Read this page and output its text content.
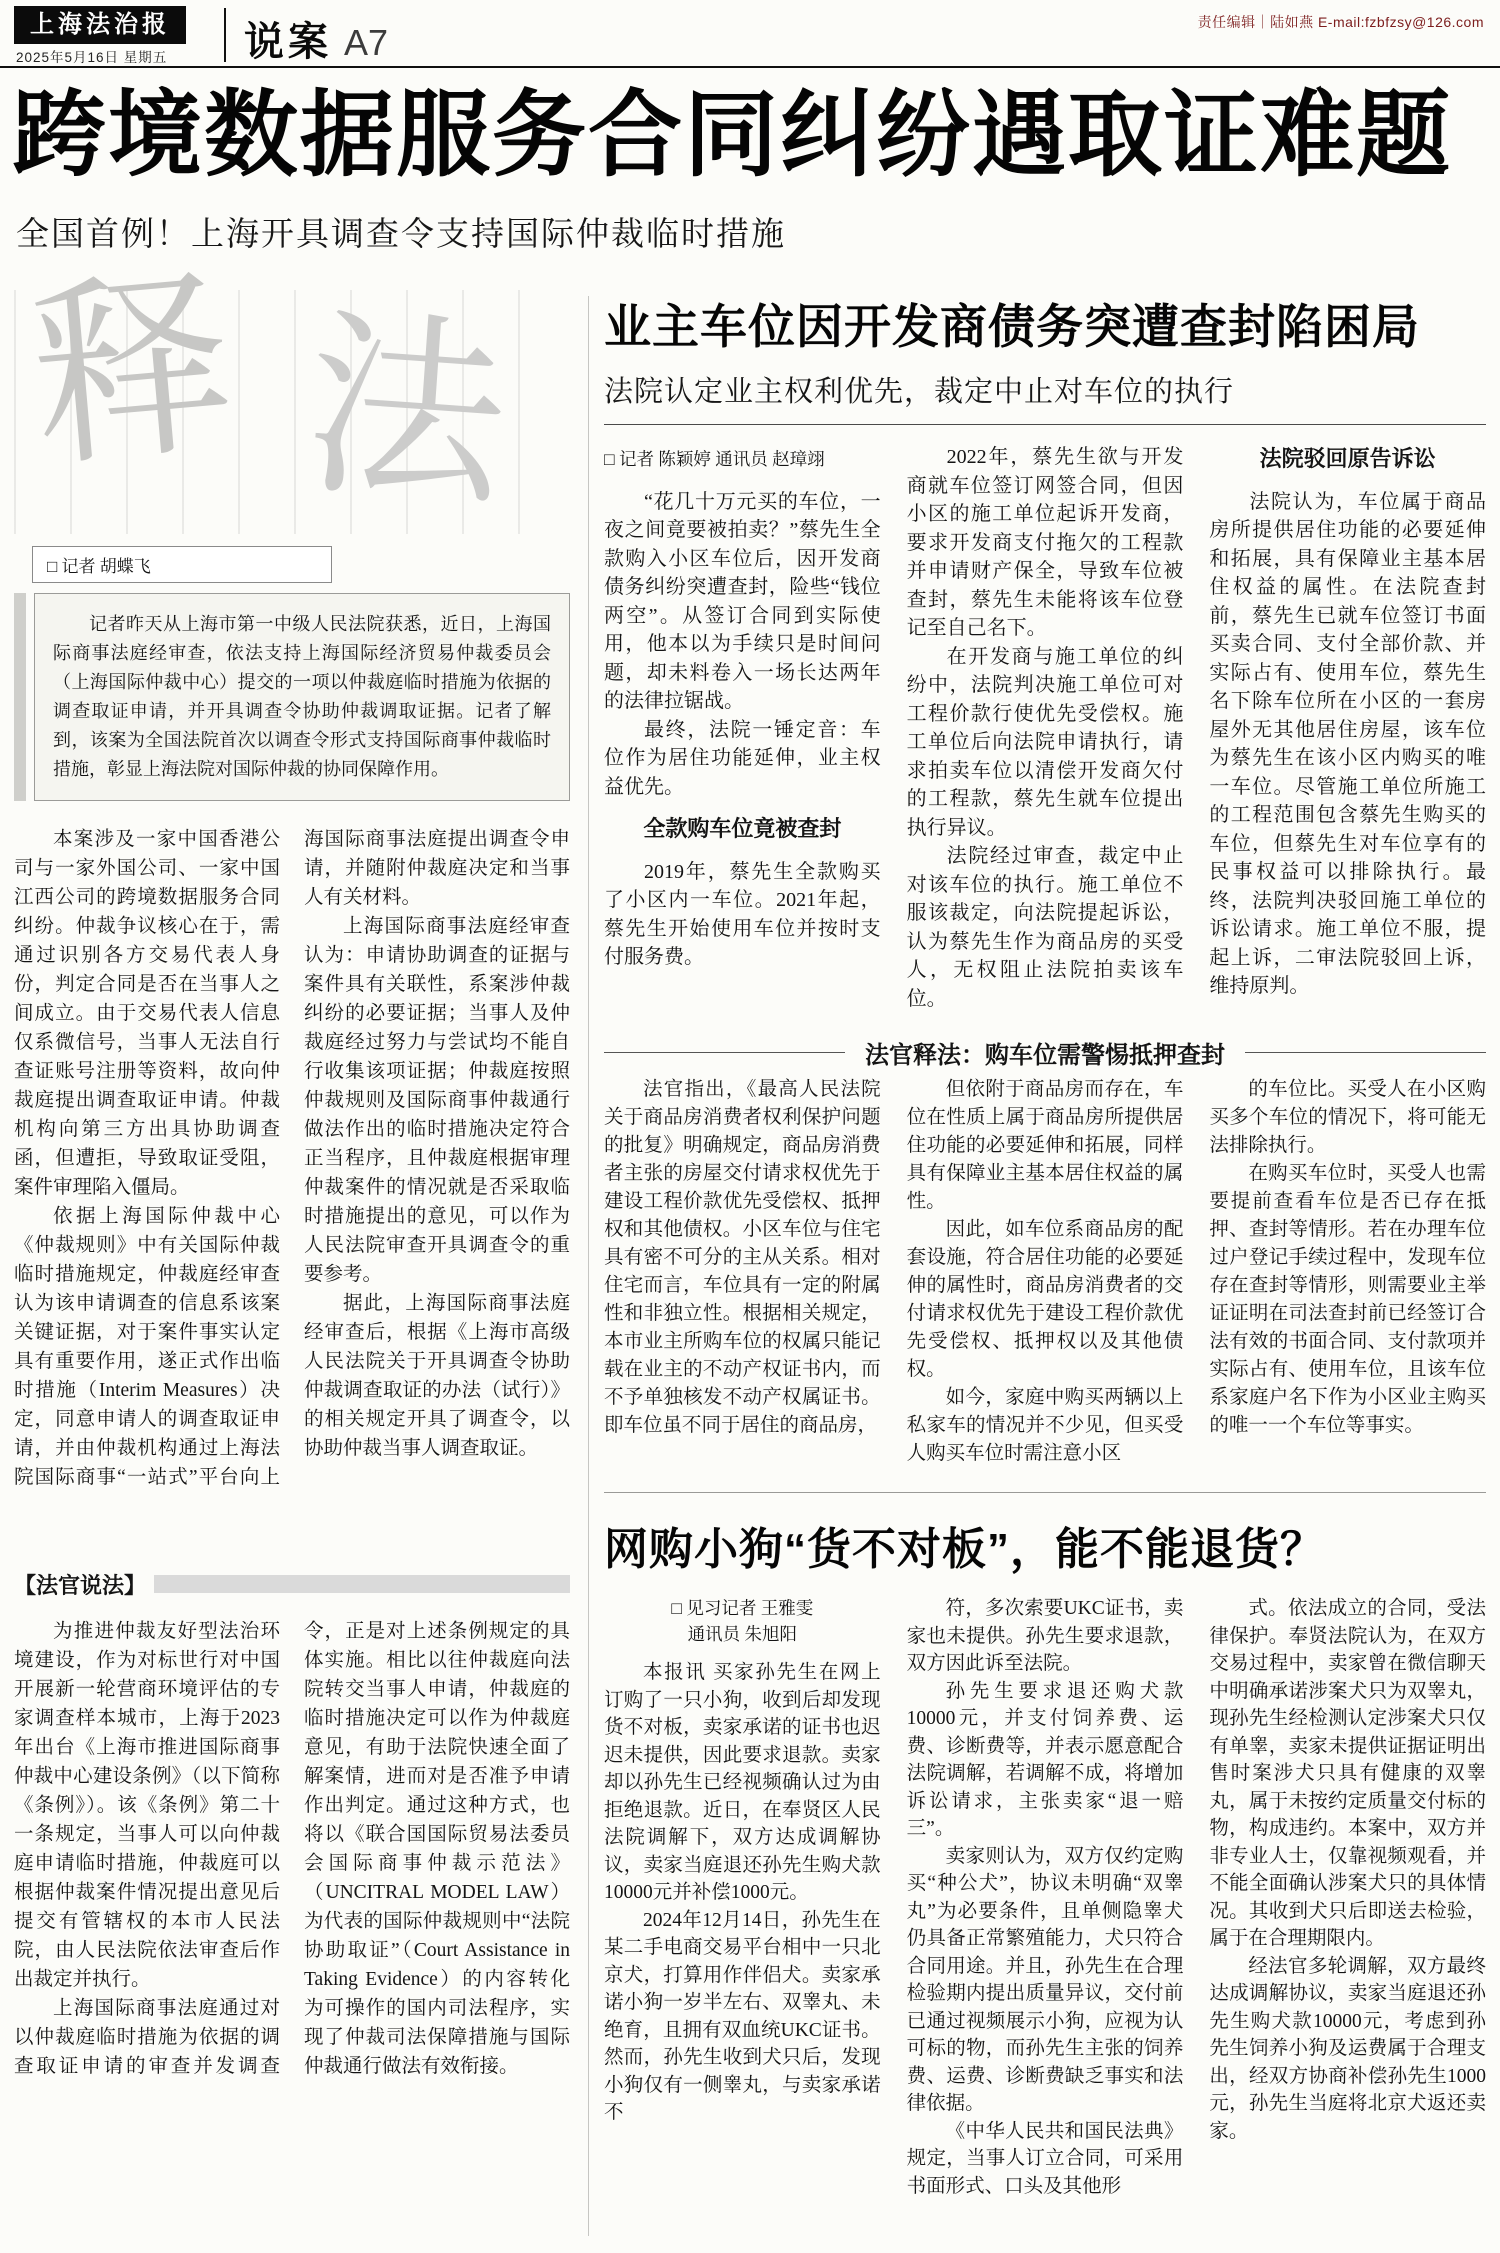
上海法治报
2025年5月16日 星期五 说案 A7	责任编辑｜陆如燕 E-mail:fzbfzsy@126.com
跨境数据服务合同纠纷遇取证难题
全国首例！上海开具调查令支持国际仲裁临时措施
释 法
□ 记者 胡蝶飞

记者昨天从上海市第一中级人民法院获悉，近日，上海国际商事法庭经审查，依法支持上海国际经济贸易仲裁委员会（上海国际仲裁中心）提交的一项以仲裁庭临时措施为依据的调查取证申请，并开具调查令协助仲裁调取证据。记者了解到，该案为全国法院首次以调查令形式支持国际商事仲裁临时措施，彰显上海法院对国际仲裁的协同保障作用。

本案涉及一家中国香港公司与一家外国公司、一家中国江西公司的跨境数据服务合同纠纷。仲裁争议核心在于，需通过识别各方交易代表人身份，判定合同是否在当事人之间成立。由于交易代表人信息仅系微信号，当事人无法自行查证账号注册等资料，故向仲裁庭提出调查取证申请。仲裁机构向第三方出具协助调查函，但遭拒，导致取证受阻，案件审理陷入僵局。

依据上海国际仲裁中心《仲裁规则》中有关国际仲裁临时措施规定，仲裁庭经审查认为该申请调查的信息系该案关键证据，对于案件事实认定具有重要作用，遂正式作出临时措施（Interim Measures）决定，同意申请人的调查取证申请，并由仲裁机构通过上海法院国际商事“一站式”平台向上海国际商事法庭提出调查令申请，并随附仲裁庭决定和当事人有关材料。

上海国际商事法庭经审查认为：申请协助调查的证据与案件具有关联性，系案涉仲裁纠纷的必要证据；当事人及仲裁庭经过努力与尝试均不能自行收集该项证据；仲裁庭按照仲裁规则及国际商事仲裁通行做法作出的临时措施决定符合正当程序，且仲裁庭根据审理仲裁案件的情况就是否采取临时措施提出的意见，可以作为人民法院审查开具调查令的重要参考。

据此，上海国际商事法庭经审查后，根据《上海市高级人民法院关于开具调查令协助仲裁调查取证的办法（试行）》的相关规定开具了调查令，以协助仲裁当事人调查取证。

【法官说法】

为推进仲裁友好型法治环境建设，作为对标世行对中国开展新一轮营商环境评估的专家调查样本城市，上海于2023年出台《上海市推进国际商事仲裁中心建设条例》（以下简称《条例》）。该《条例》第二十一条规定，当事人可以向仲裁庭申请临时措施，仲裁庭可以根据仲裁案件情况提出意见后提交有管辖权的本市人民法院，由人民法院依法审查后作出裁定并执行。

上海国际商事法庭通过对以仲裁庭临时措施为依据的调查取证申请的审查并发调查令，正是对上述条例规定的具体实施。相比以往仲裁庭向法院转交当事人申请，仲裁庭的临时措施决定可以作为仲裁庭意见，有助于法院快速全面了解案情，进而对是否准予申请作出判定。通过这种方式，也将以《联合国国际贸易法委员会国际商事仲裁示范法》（UNCITRAL MODEL LAW）为代表的国际仲裁规则中“法院协助取证”（Court Assistance in Taking Evidence）的内容转化为可操作的国内司法程序，实现了仲裁司法保障措施与国际仲裁通行做法有效衔接。

业主车位因开发商债务突遭查封陷困局
法院认定业主权利优先，裁定中止对车位的执行

□ 记者 陈颖婷 通讯员 赵璋翊

“花几十万元买的车位，一夜之间竟要被拍卖？”蔡先生全款购入小区车位后，因开发商债务纠纷突遭查封，险些“钱位两空”。从签订合同到实际使用，他本以为手续只是时间问题，却未料卷入一场长达两年的法律拉锯战。

最终，法院一锤定音：车位作为居住功能延伸，业主权益优先。

全款购车位竟被查封

2019年，蔡先生全款购买了小区内一车位。2021年起，蔡先生开始使用车位并按时支付服务费。

2022年，蔡先生欲与开发商就车位签订网签合同，但因小区的施工单位起诉开发商，要求开发商支付拖欠的工程款并申请财产保全，导致车位被查封，蔡先生未能将该车位登记至自己名下。

在开发商与施工单位的纠纷中，法院判决施工单位可对工程价款行使优先受偿权。施工单位后向法院申请执行，请求拍卖车位以清偿开发商欠付的工程款，蔡先生就车位提出执行异议。

法院经过审查，裁定中止对该车位的执行。施工单位不服该裁定，向法院提起诉讼，认为蔡先生作为商品房的买受人，无权阻止法院拍卖该车位。

法院驳回原告诉讼

法院认为，车位属于商品房所提供居住功能的必要延伸和拓展，具有保障业主基本居住权益的属性。在法院查封前，蔡先生已就车位签订书面买卖合同、支付全部价款、并实际占有、使用车位，蔡先生名下除车位所在小区的一套房屋外无其他居住房屋，该车位为蔡先生在该小区内购买的唯一车位。尽管施工单位所施工的工程范围包含蔡先生购买的车位，但蔡先生对车位享有的民事权益可以排除执行。最终，法院判决驳回施工单位的诉讼请求。施工单位不服，提起上诉，二审法院驳回上诉，维持原判。

法官释法：购车位需警惕抵押查封

法官指出，《最高人民法院关于商品房消费者权利保护问题的批复》明确规定，商品房消费者主张的房屋交付请求权优先于建设工程价款优先受偿权、抵押权和其他债权。小区车位与住宅具有密不可分的主从关系。相对住宅而言，车位具有一定的附属性和非独立性。根据相关规定，本市业主所购车位的权属只能记载在业主的不动产权证书内，而不予单独核发不动产权属证书。即车位虽不同于居住的商品房，

但依附于商品房而存在，车位在性质上属于商品房所提供居住功能的必要延伸和拓展，同样具有保障业主基本居住权益的属性。

因此，如车位系商品房的配套设施，符合居住功能的必要延伸的属性时，商品房消费者的交付请求权优先于建设工程价款优先受偿权、抵押权以及其他债权。

如今，家庭中购买两辆以上私家车的情况并不少见，但买受人购买车位时需注意小区

的车位比。买受人在小区购买多个车位的情况下，将可能无法排除执行。

在购买车位时，买受人也需要提前查看车位是否已存在抵押、查封等情形。若在办理车位过户登记手续过程中，发现车位存在查封等情形，则需要业主举证证明在司法查封前已经签订合法有效的书面合同、支付款项并实际占有、使用车位，且该车位系家庭户名下作为小区业主购买的唯一一个车位等事实。

网购小狗“货不对板”，能不能退货？

□ 见习记者 王雅雯
通讯员 朱旭阳

本报讯 买家孙先生在网上订购了一只小狗，收到后却发现货不对板，卖家承诺的证书也迟迟未提供，因此要求退款。卖家却以孙先生已经视频确认过为由拒绝退款。近日，在奉贤区人民法院调解下，双方达成调解协议，卖家当庭退还孙先生购犬款10000元并补偿1000元。

2024年12月14日，孙先生在某二手电商交易平台相中一只北京犬，打算用作伴侣犬。卖家承诺小狗一岁半左右、双睾丸、未绝育，且拥有双血统UKC证书。然而，孙先生收到犬只后，发现小狗仅有一侧睾丸，与卖家承诺不

符，多次索要UKC证书，卖家也未提供。孙先生要求退款，双方因此诉至法院。

孙先生要求退还购犬款10000元，并支付饲养费、运费、诊断费等，并表示愿意配合法院调解，若调解不成，将增加诉讼请求，主张卖家“退一赔三”。

卖家则认为，双方仅约定购买“种公犬”，协议未明确“双睾丸”为必要条件，且单侧隐睾犬仍具备正常繁殖能力，犬只符合合同用途。并且，孙先生在合理检验期内提出质量异议，交付前已通过视频展示小狗，应视为认可标的物，而孙先生主张的饲养费、运费、诊断费缺乏事实和法律依据。

《中华人民共和国民法典》规定，当事人订立合同，可采用书面形式、口头及其他形

式。依法成立的合同，受法律保护。奉贤法院认为，在双方交易过程中，卖家曾在微信聊天中明确承诺涉案犬只为双睾丸，现孙先生经检测认定涉案犬只仅有单睾，卖家未提供证据证明出售时案涉犬只具有健康的双睾丸，属于未按约定质量交付标的物，构成违约。本案中，双方并非专业人士，仅靠视频观看，并不能全面确认涉案犬只的具体情况。其收到犬只后即送去检验，属于在合理期限内。

经法官多轮调解，双方最终达成调解协议，卖家当庭退还孙先生购犬款10000元，考虑到孙先生饲养小狗及运费属于合理支出，经双方协商补偿孙先生1000元，孙先生当庭将北京犬返还卖家。
